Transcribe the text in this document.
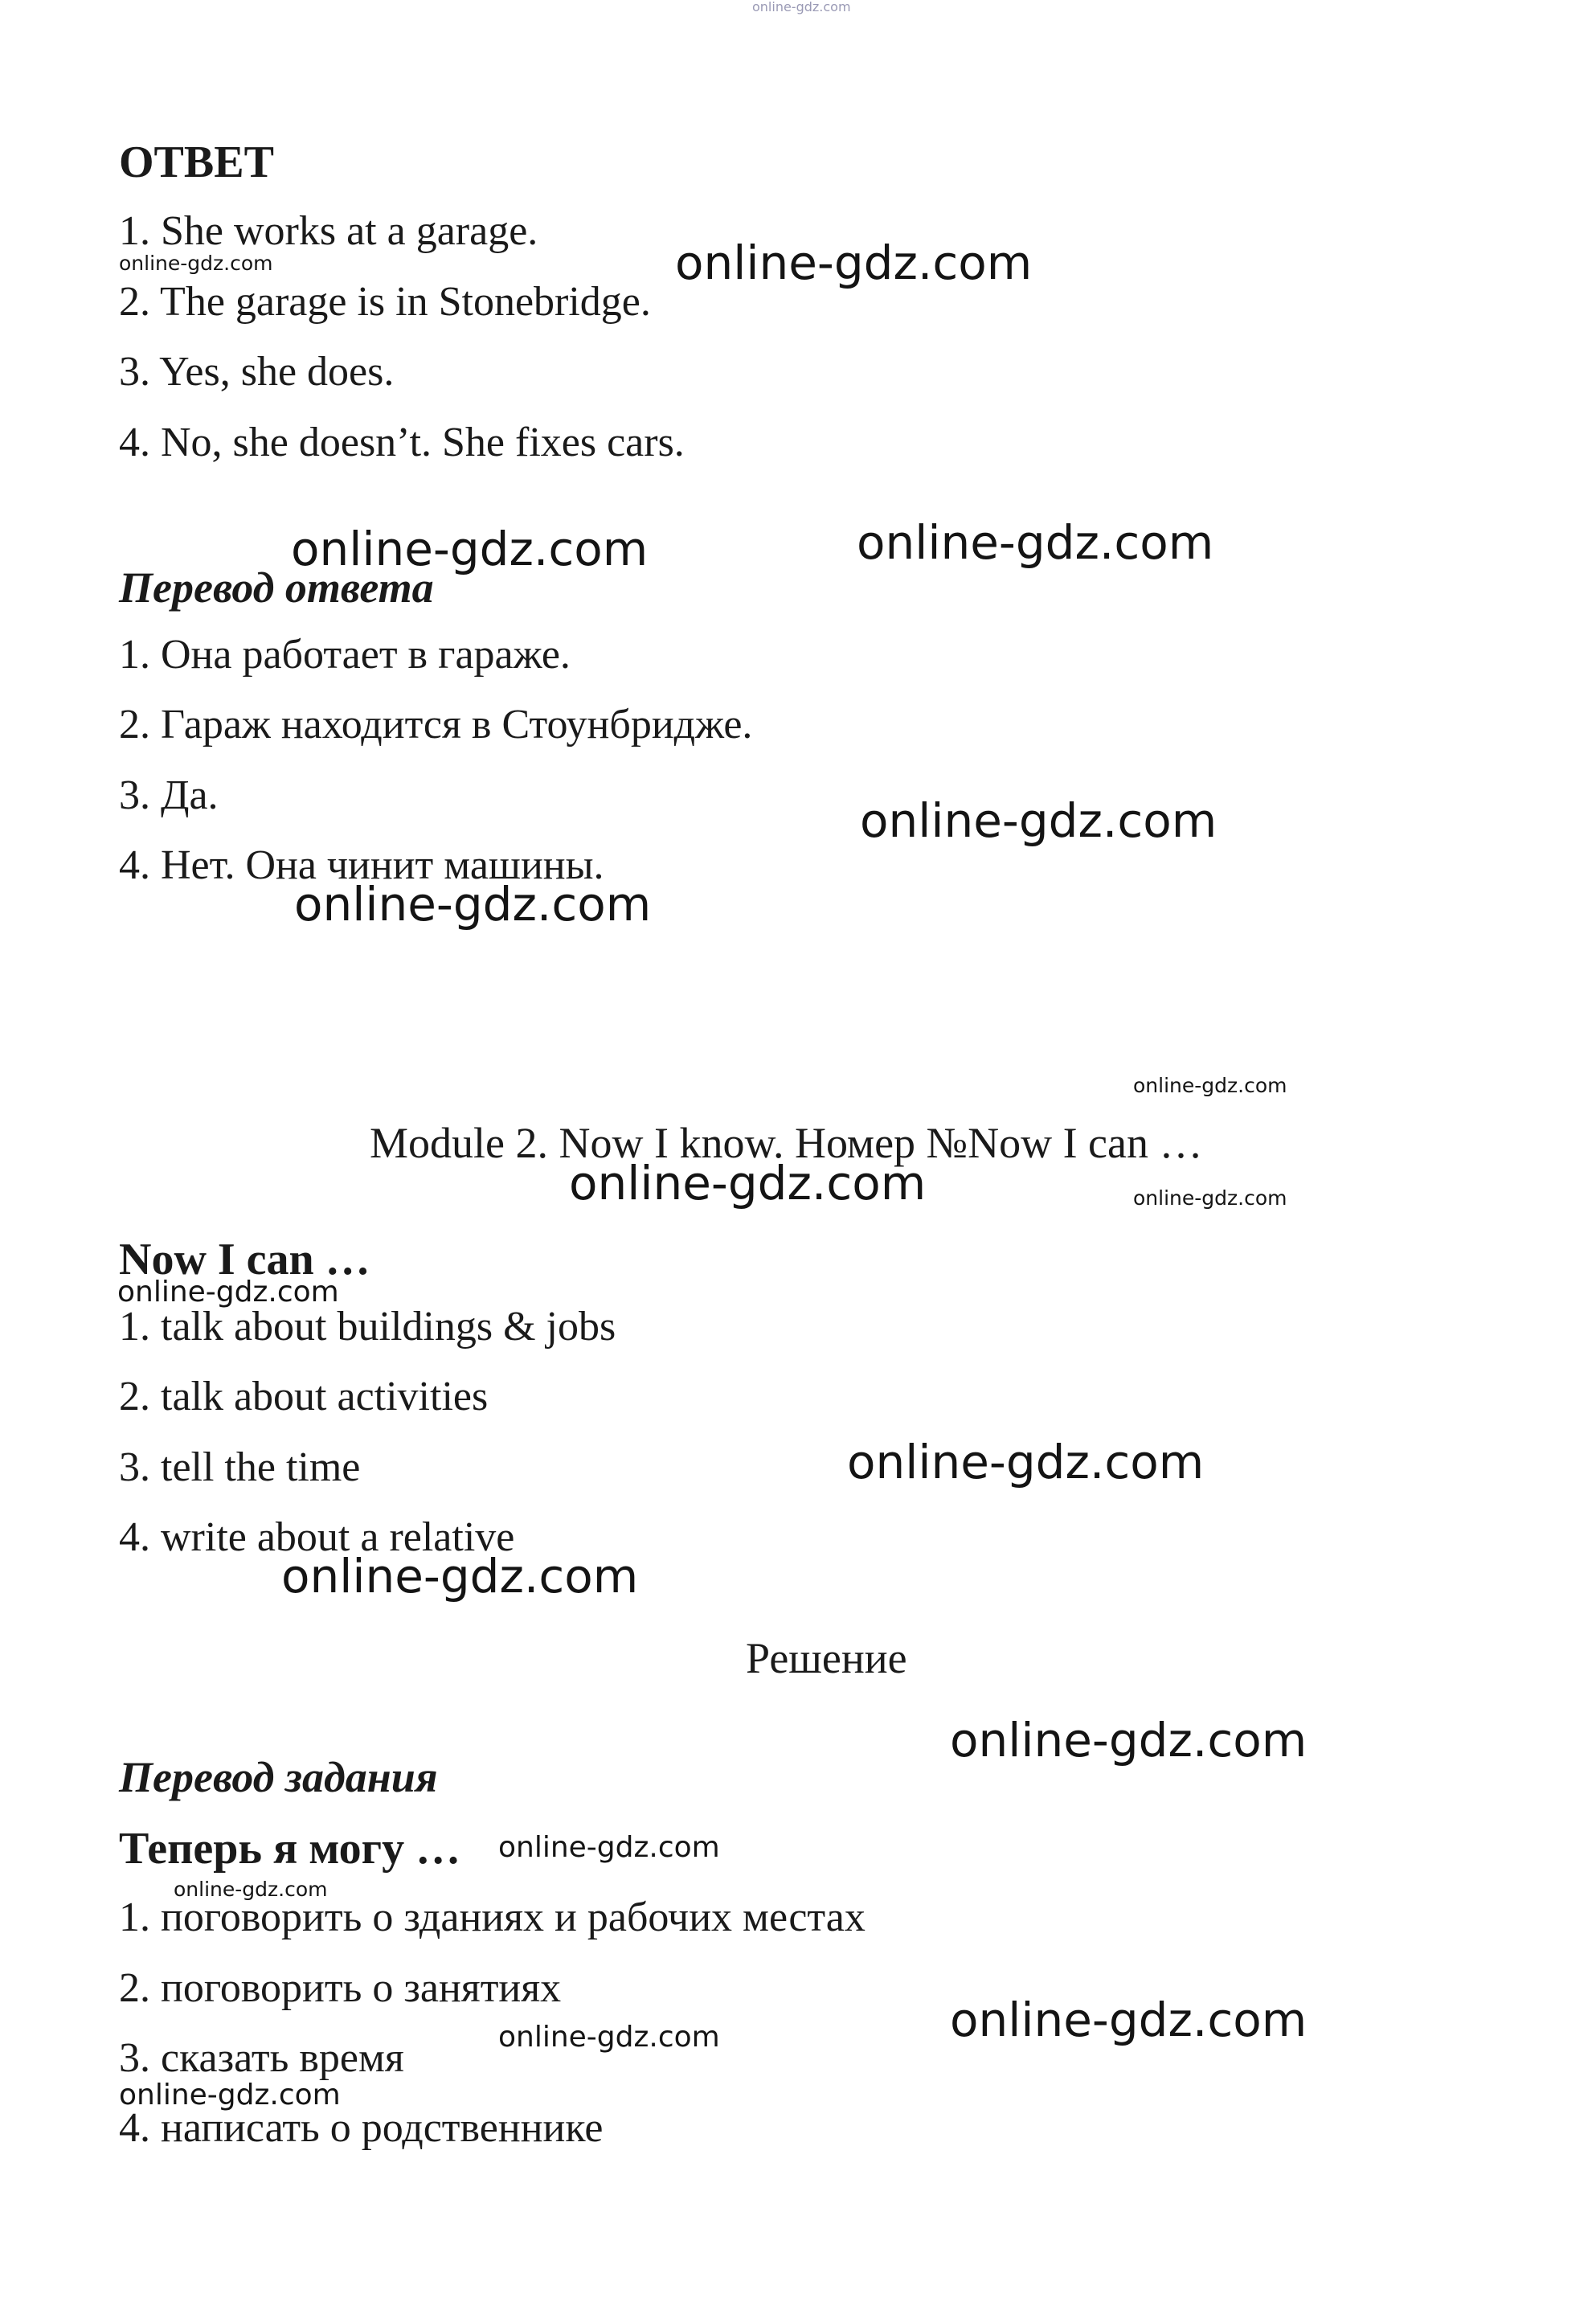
online-gdz.com
ОТВЕТ
1. She works at a garage.
2. The garage is in Stonebridge.
3. Yes, she does.
4. No, she doesn’t. She fixes cars.
Перевод ответа
1. Она работает в гараже.
2. Гараж находится в Стоунбридже.
3. Да.
4. Нет. Она чинит машины.
Module 2. Now I know. Номер №Now I can …
Now I can …
1. talk about buildings & jobs
2. talk about activities
3. tell the time
4. write about a relative
Решение
Перевод задания
Теперь я могу …
1. поговорить о зданиях и рабочих местах
2. поговорить о занятиях
3. сказать время
4. написать о родственнике
online-gdz.com	online-gdz.com
online-gdz.com	online-gdz.com
online-gdz.com
online-gdz.com
online-gdz.com
online-gdz.com	online-gdz.com
online-gdz.com
online-gdz.com
online-gdz.com
online-gdz.com
online-gdz.com
online-gdz.com
online-gdz.com
online-gdz.com
online-gdz.com
